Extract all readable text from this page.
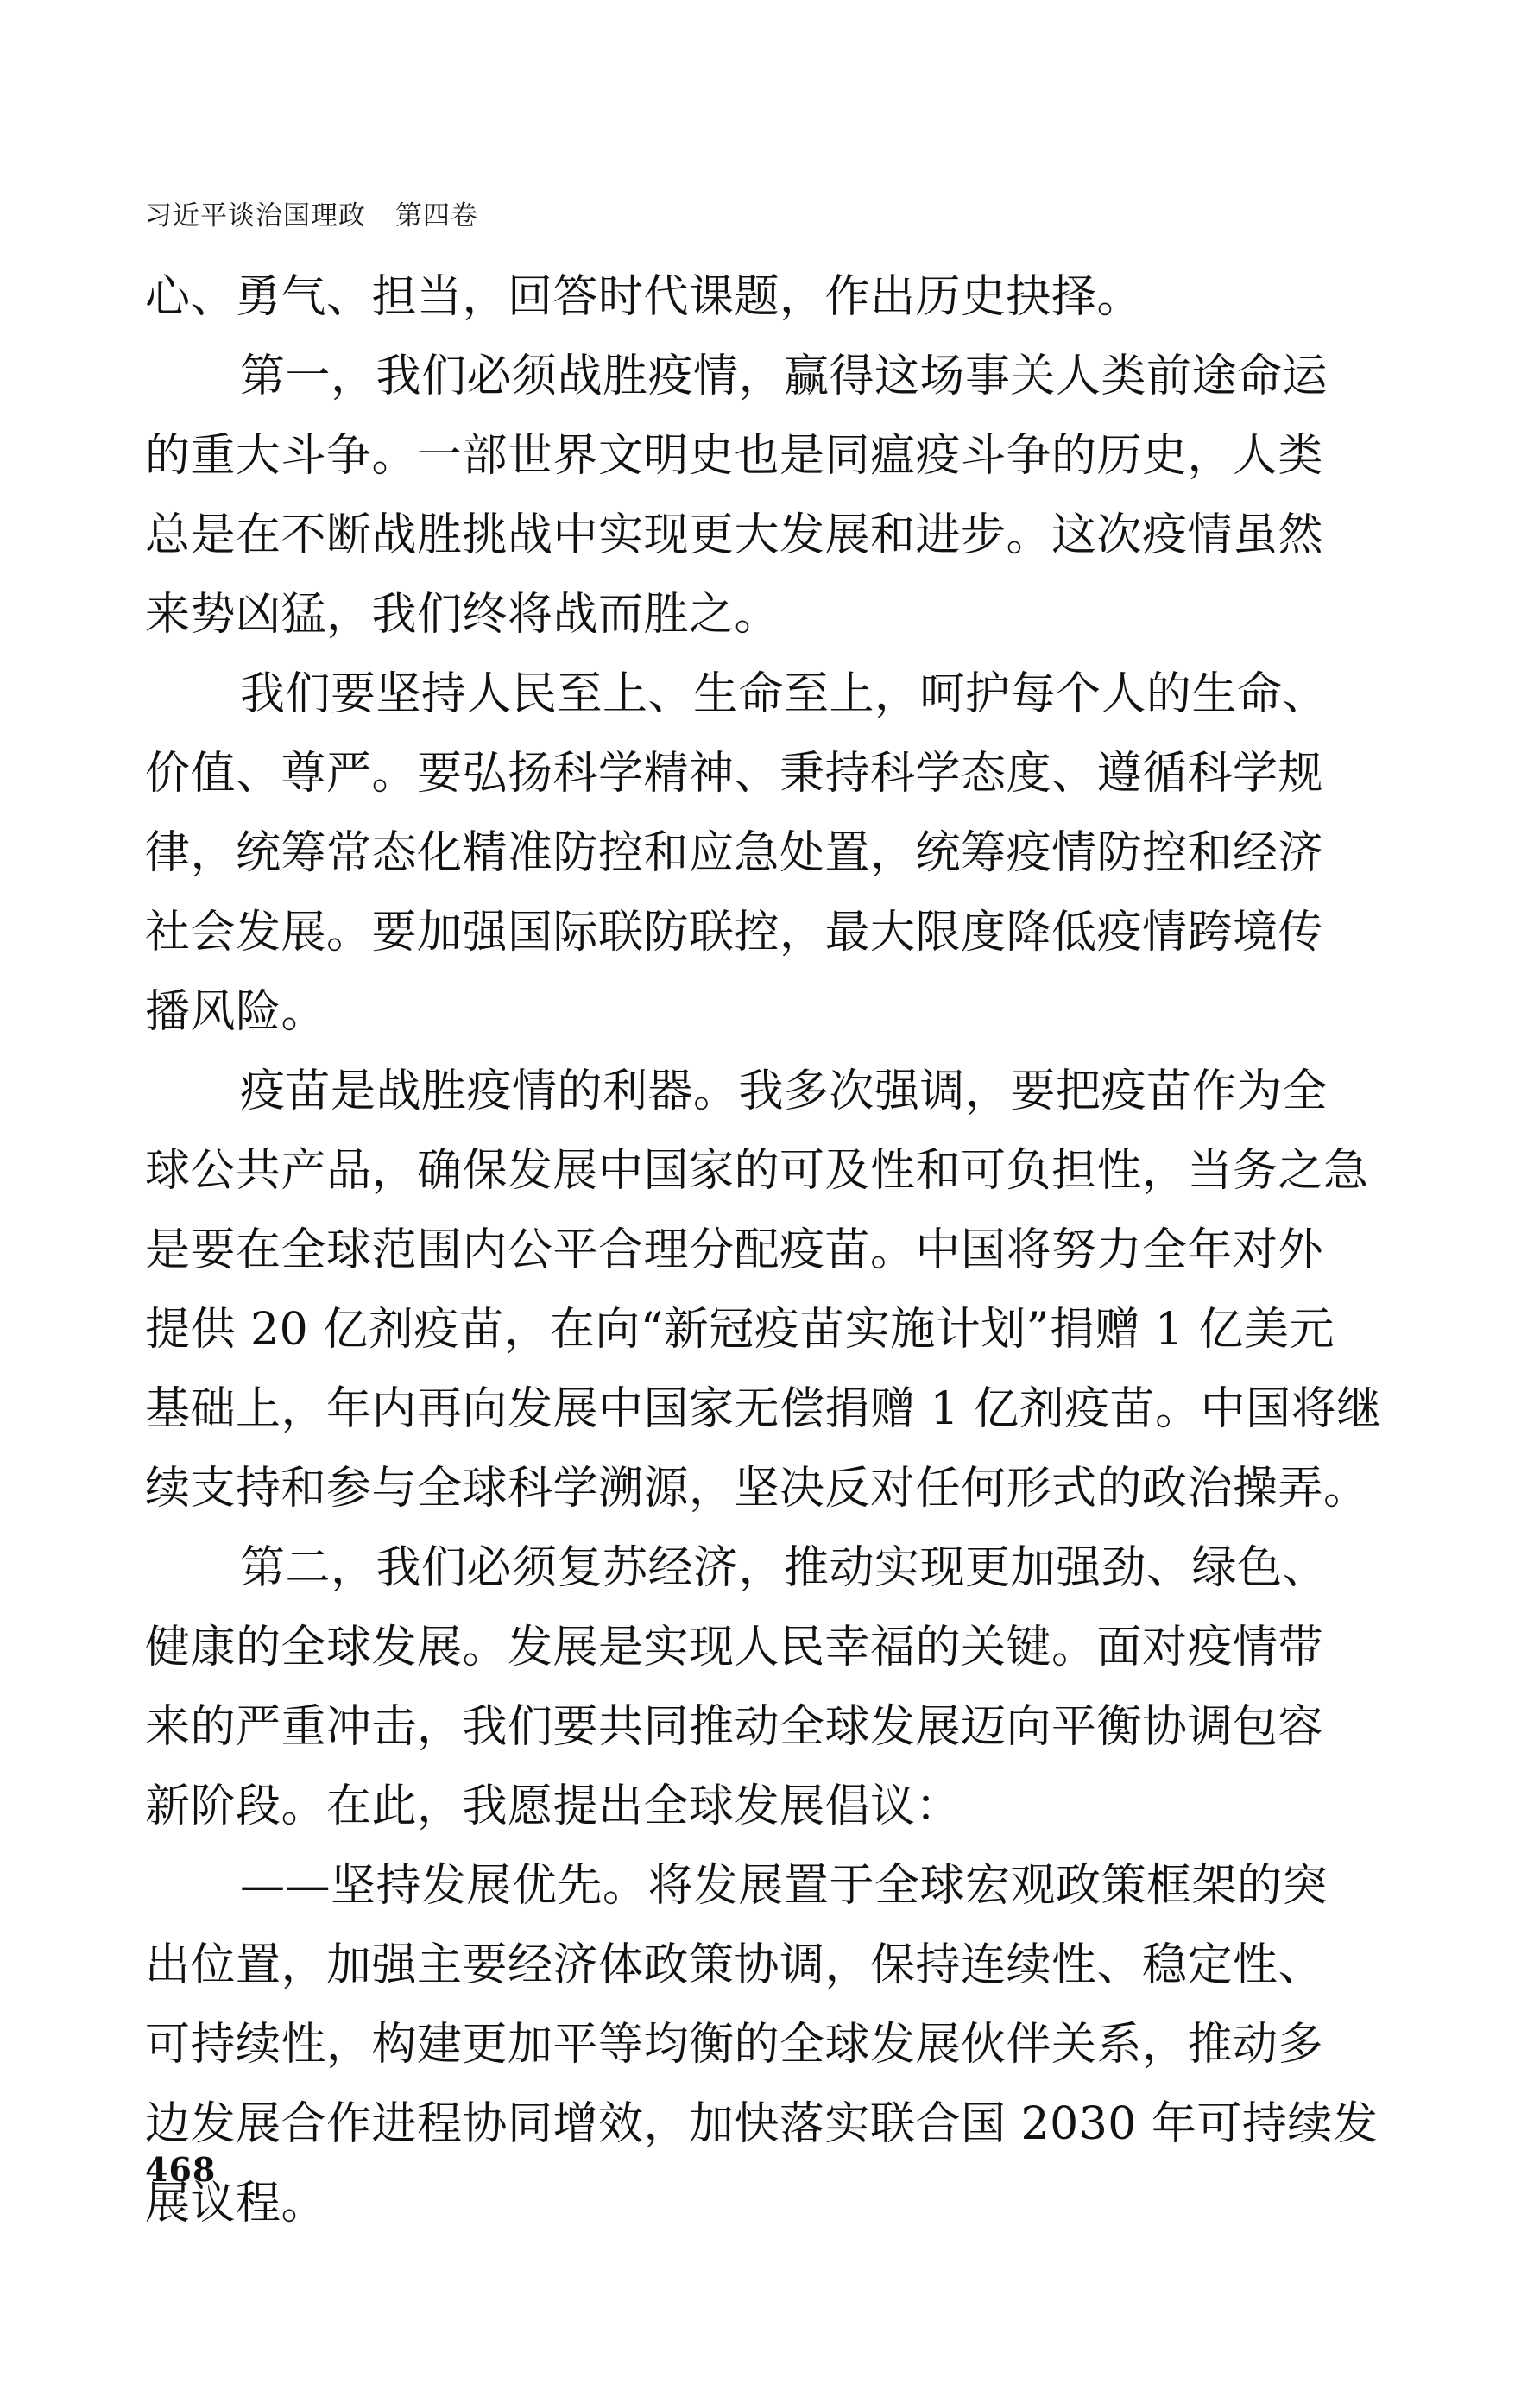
习近平谈治国理政 第四卷
心、勇气、担当，回答时代课题，作出历史抉择。
第一，我们必须战胜疫情，赢得这场事关人类前途命运
的重大斗争。一部世界文明史也是同瘟疫斗争的历史，人类
总是在不断战胜挑战中实现更大发展和进步。这次疫情虽然
来势凶猛，我们终将战而胜之。
我们要坚持人民至上、生命至上，呵护每个人的生命、
价值、尊严。要弘扬科学精神、秉持科学态度、遵循科学规
律，统筹常态化精准防控和应急处置，统筹疫情防控和经济
社会发展。要加强国际联防联控，最大限度降低疫情跨境传
播风险。
疫苗是战胜疫情的利器。我多次强调，要把疫苗作为全
球公共产品，确保发展中国家的可及性和可负担性，当务之急
是要在全球范围内公平合理分配疫苗。中国将努力全年对外
提供 20 亿剂疫苗，在向“新冠疫苗实施计划”捐赠 1 亿美元
基础上，年内再向发展中国家无偿捐赠 1 亿剂疫苗。中国将继
续支持和参与全球科学溯源，坚决反对任何形式的政治操弄。
第二，我们必须复苏经济，推动实现更加强劲、绿色、
健康的全球发展。发展是实现人民幸福的关键。面对疫情带
来的严重冲击，我们要共同推动全球发展迈向平衡协调包容
新阶段。在此，我愿提出全球发展倡议：
——坚持发展优先。将发展置于全球宏观政策框架的突
出位置，加强主要经济体政策协调，保持连续性、稳定性、
可持续性，构建更加平等均衡的全球发展伙伴关系，推动多
边发展合作进程协同增效，加快落实联合国 2030 年可持续发
展议程。
468
